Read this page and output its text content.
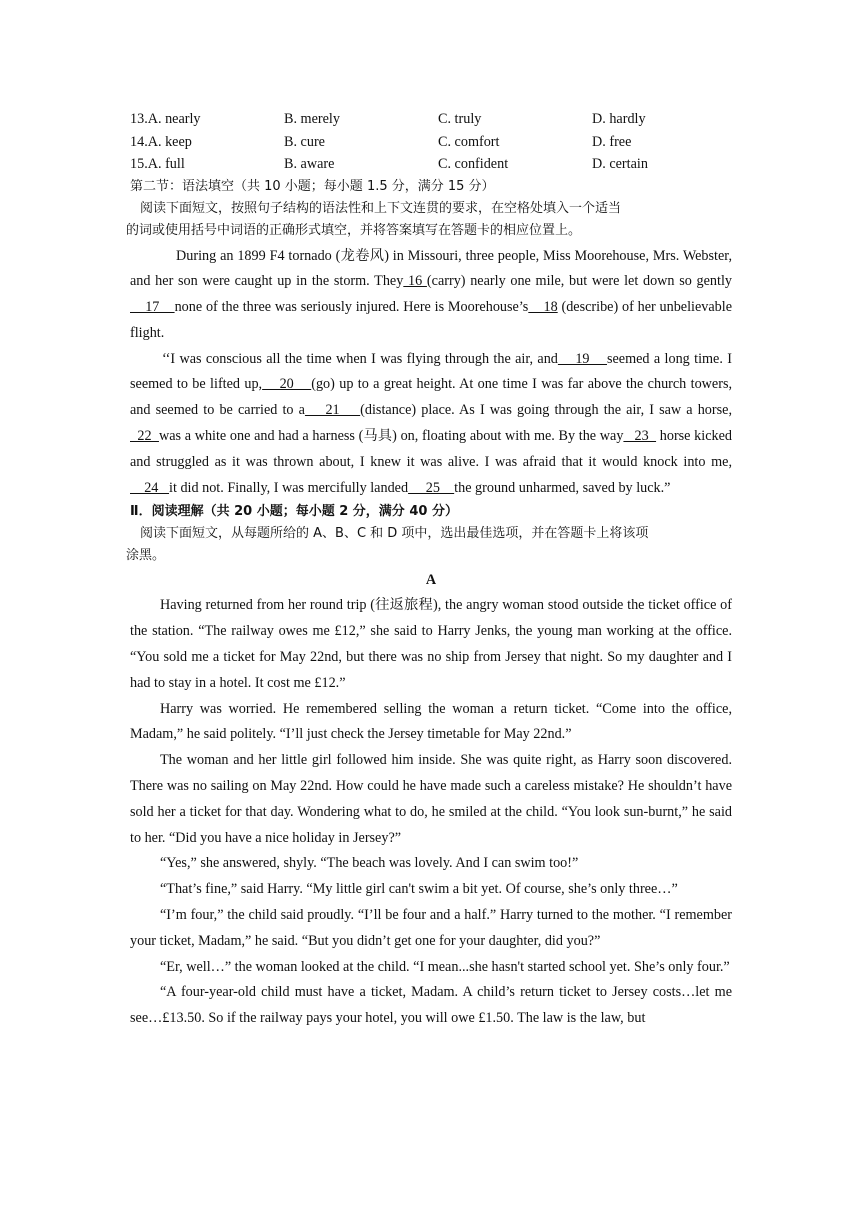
13.A. nearly	B. merely	C. truly	D. hardly
14.A. keep	B. cure	C. comfort	D. free
15.A. full	B. aware	C. confident	D. certain
第二节：语法填空（共 10 小题；每小题 1.5 分，满分 15 分）
阅读下面短文，按照句子结构的语法性和上下文连贯的要求，在空格处填入一个适当
的词或使用括号中词语的正确形式填空，并将答案填写在答题卡的相应位置上。

During an 1899 F4 tornado (龙卷风) in Missouri, three people, Miss Moorehouse, Mrs. Webster, and her son were caught up in the storm. They 16 (carry) nearly one mile, but were let down so gently    17    none of the three was seriously injured. Here is Moorehouse’s    18 (describe) of her unbelievable flight.

‘‘I was conscious all the time when I was flying through the air, and    19    seemed a long time. I seemed to be lifted up,    20    (go) up to a great height. At one time I was far above the church towers, and seemed to be carried to a    21    (distance) place. As I was going through the air, I saw a horse,   22  was a white one and had a harness (马具) on, floating about with me. By the way   23   horse kicked and struggled as it was thrown about, I knew it was alive. I was afraid that it would knock into me,    24   it did not. Finally, I was mercifully landed     25    the ground unharmed, saved by luck.”

Ⅱ．阅读理解（共 20 小题；每小题 2 分，满分 40 分）
阅读下面短文，从每题所给的 A、B、C 和 D 项中，选出最佳选项，并在答题卡上将该项
涂黑。
A

Having returned from her round trip (往返旅程), the angry woman stood outside the ticket office of the station. “The railway owes me £12,” she said to Harry Jenks, the young man working at the office. “You sold me a ticket for May 22nd, but there was no ship from Jersey that night. So my daughter and I had to stay in a hotel. It cost me £12.”

Harry was worried. He remembered selling the woman a return ticket. “Come into the office, Madam,” he said politely. “I’ll just check the Jersey timetable for May 22nd.”

The woman and her little girl followed him inside. She was quite right, as Harry soon discovered. There was no sailing on May 22nd. How could he have made such a careless mistake? He shouldn’t have sold her a ticket for that day. Wondering what to do, he smiled at the child. “You look sun-burnt,” he said to her. “Did you have a nice holiday in Jersey?”

“Yes,” she answered, shyly. “The beach was lovely. And I can swim too!”

“That’s fine,” said Harry. “My little girl can't swim a bit yet. Of course, she’s only three…”

“I’m four,” the child said proudly. “I’ll be four and a half.” Harry turned to the mother. “I remember your ticket, Madam,” he said. “But you didn’t get one for your daughter, did you?”

“Er, well…” the woman looked at the child. “I mean...she hasn't started school yet. She’s only four.”

“A four-year-old child must have a ticket, Madam. A child’s return ticket to Jersey costs…let me see…£13.50. So if the railway pays your hotel, you will owe £1.50. The law is the law, but
